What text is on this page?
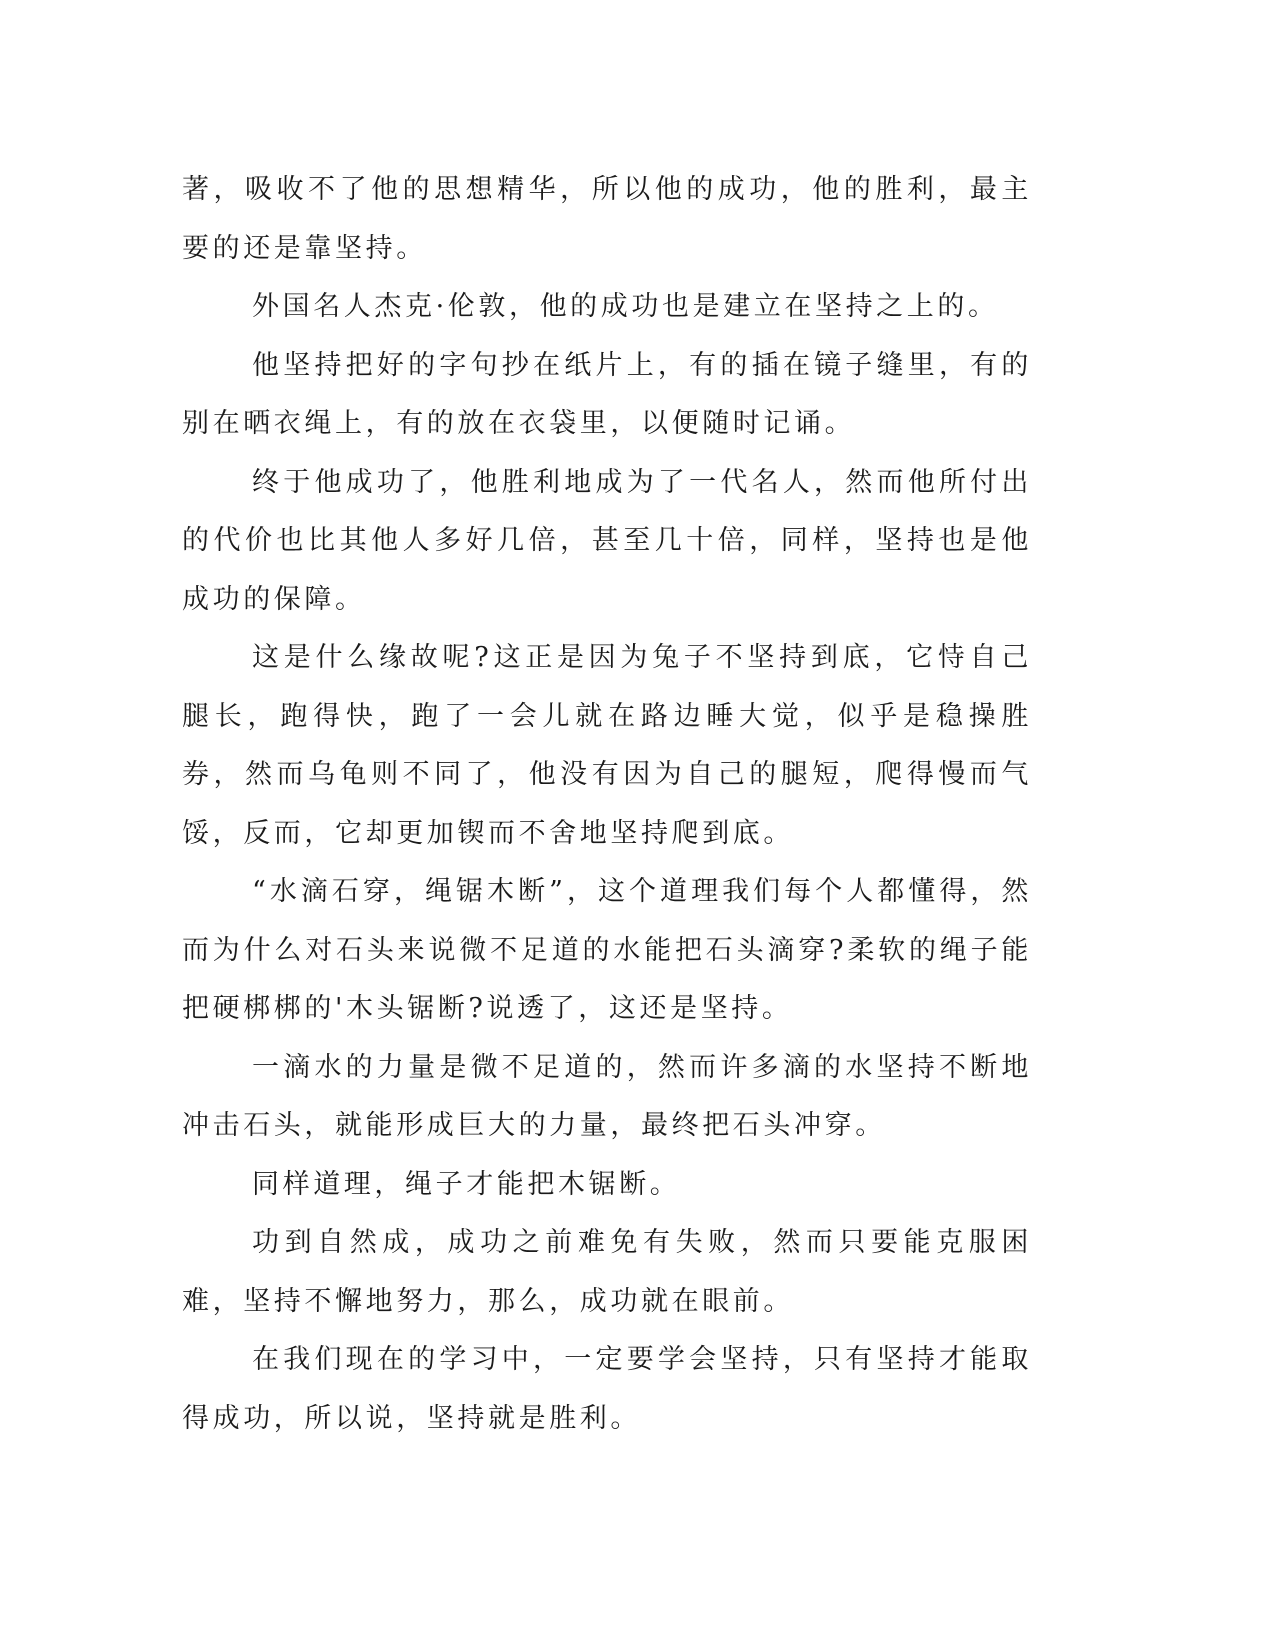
著，吸收不了他的思想精华，所以他的成功，他的胜利，最主要的还是靠坚持。

外国名人杰克·伦敦，他的成功也是建立在坚持之上的。

他坚持把好的字句抄在纸片上，有的插在镜子缝里，有的别在晒衣绳上，有的放在衣袋里，以便随时记诵。

终于他成功了，他胜利地成为了一代名人，然而他所付出的代价也比其他人多好几倍，甚至几十倍，同样，坚持也是他成功的保障。

这是什么缘故呢?这正是因为兔子不坚持到底，它恃自己腿长，跑得快，跑了一会儿就在路边睡大觉，似乎是稳操胜券，然而乌龟则不同了，他没有因为自己的腿短，爬得慢而气馁，反而，它却更加锲而不舍地坚持爬到底。

“水滴石穿，绳锯木断”，这个道理我们每个人都懂得，然而为什么对石头来说微不足道的水能把石头滴穿?柔软的绳子能把硬梆梆的'木头锯断?说透了，这还是坚持。

一滴水的力量是微不足道的，然而许多滴的水坚持不断地冲击石头，就能形成巨大的力量，最终把石头冲穿。

同样道理，绳子才能把木锯断。

功到自然成，成功之前难免有失败，然而只要能克服困难，坚持不懈地努力，那么，成功就在眼前。

在我们现在的学习中，一定要学会坚持，只有坚持才能取得成功，所以说，坚持就是胜利。
